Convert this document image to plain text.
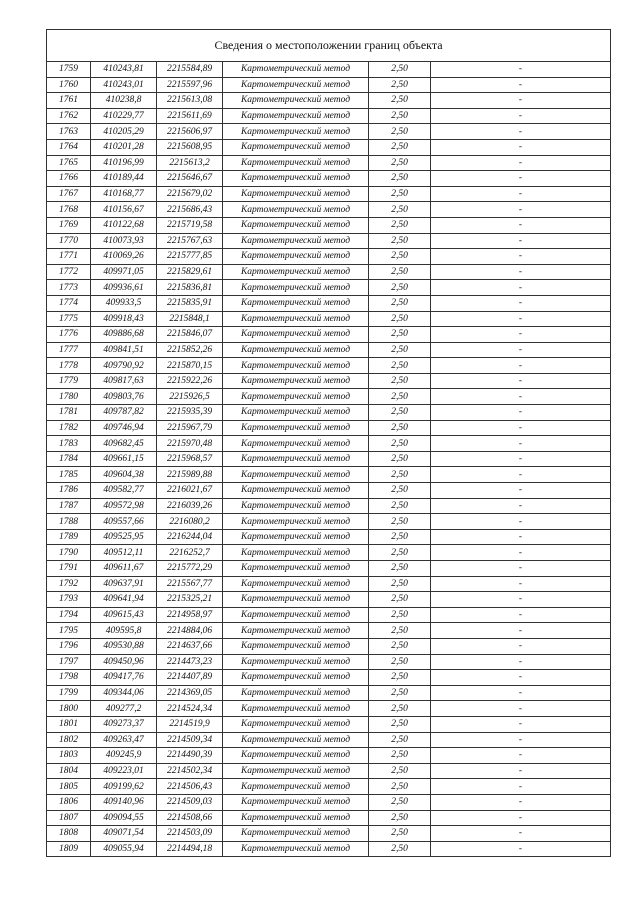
Сведения о местоположении границ объекта					
1759	410243,81	2215584,89	Картометрический метод	2,50	-
1760	410243,01	2215597,96	Картометрический метод	2,50	-
1761	410238,8	2215613,08	Картометрический метод	2,50	-
1762	410229,77	2215611,69	Картометрический метод	2,50	-
1763	410205,29	2215606,97	Картометрический метод	2,50	-
1764	410201,28	2215608,95	Картометрический метод	2,50	-
1765	410196,99	2215613,2	Картометрический метод	2,50	-
1766	410189,44	2215646,67	Картометрический метод	2,50	-
1767	410168,77	2215679,02	Картометрический метод	2,50	-
1768	410156,67	2215686,43	Картометрический метод	2,50	-
1769	410122,68	2215719,58	Картометрический метод	2,50	-
1770	410073,93	2215767,63	Картометрический метод	2,50	-
1771	410069,26	2215777,85	Картометрический метод	2,50	-
1772	409971,05	2215829,61	Картометрический метод	2,50	-
1773	409936,61	2215836,81	Картометрический метод	2,50	-
1774	409933,5	2215835,91	Картометрический метод	2,50	-
1775	409918,43	2215848,1	Картометрический метод	2,50	-
1776	409886,68	2215846,07	Картометрический метод	2,50	-
1777	409841,51	2215852,26	Картометрический метод	2,50	-
1778	409790,92	2215870,15	Картометрический метод	2,50	-
1779	409817,63	2215922,26	Картометрический метод	2,50	-
1780	409803,76	2215926,5	Картометрический метод	2,50	-
1781	409787,82	2215935,39	Картометрический метод	2,50	-
1782	409746,94	2215967,79	Картометрический метод	2,50	-
1783	409682,45	2215970,48	Картометрический метод	2,50	-
1784	409661,15	2215968,57	Картометрический метод	2,50	-
1785	409604,38	2215989,88	Картометрический метод	2,50	-
1786	409582,77	2216021,67	Картометрический метод	2,50	-
1787	409572,98	2216039,26	Картометрический метод	2,50	-
1788	409557,66	2216080,2	Картометрический метод	2,50	-
1789	409525,95	2216244,04	Картометрический метод	2,50	-
1790	409512,11	2216252,7	Картометрический метод	2,50	-
1791	409611,67	2215772,29	Картометрический метод	2,50	-
1792	409637,91	2215567,77	Картометрический метод	2,50	-
1793	409641,94	2215325,21	Картометрический метод	2,50	-
1794	409615,43	2214958,97	Картометрический метод	2,50	-
1795	409595,8	2214884,06	Картометрический метод	2,50	-
1796	409530,88	2214637,66	Картометрический метод	2,50	-
1797	409450,96	2214473,23	Картометрический метод	2,50	-
1798	409417,76	2214407,89	Картометрический метод	2,50	-
1799	409344,06	2214369,05	Картометрический метод	2,50	-
1800	409277,2	2214524,34	Картометрический метод	2,50	-
1801	409273,37	2214519,9	Картометрический метод	2,50	-
1802	409263,47	2214509,34	Картометрический метод	2,50	-
1803	409245,9	2214490,39	Картометрический метод	2,50	-
1804	409223,01	2214502,34	Картометрический метод	2,50	-
1805	409199,62	2214506,43	Картометрический метод	2,50	-
1806	409140,96	2214509,03	Картометрический метод	2,50	-
1807	409094,55	2214508,66	Картометрический метод	2,50	-
1808	409071,54	2214503,09	Картометрический метод	2,50	-
1809	409055,94	2214494,18	Картометрический метод	2,50	-
